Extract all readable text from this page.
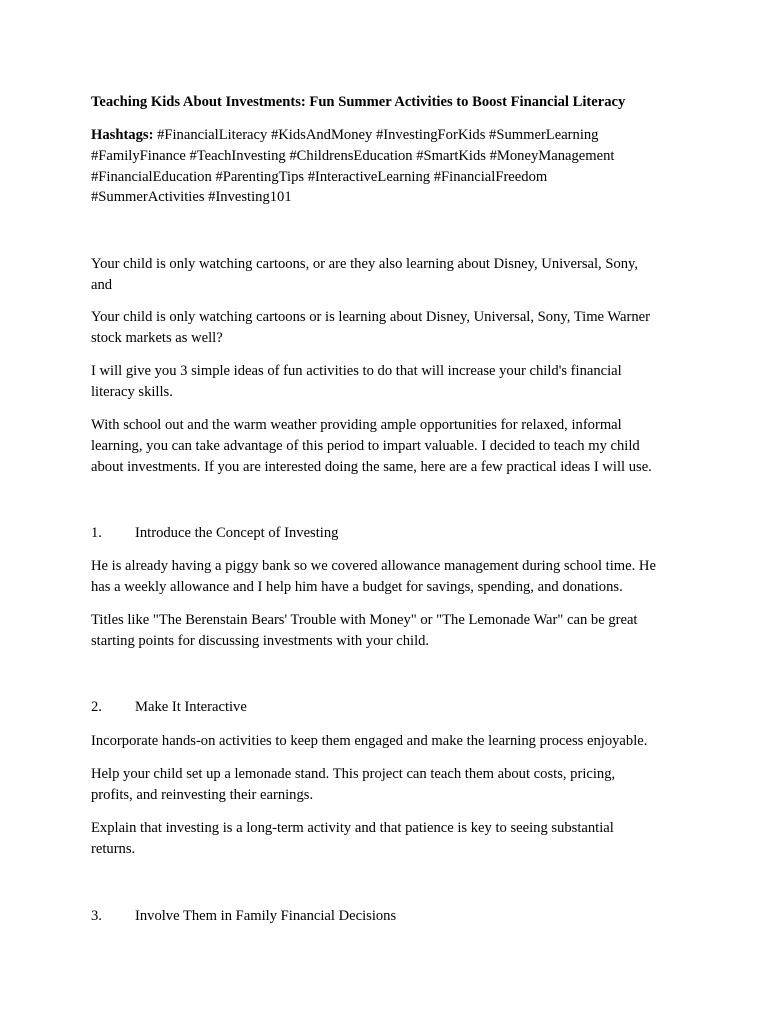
Teaching Kids About Investments: Fun Summer Activities to Boost Financial Literacy

Hashtags: #FinancialLiteracy #KidsAndMoney #InvestingForKids #SummerLearning
#FamilyFinance #TeachInvesting #ChildrensEducation #SmartKids #MoneyManagement
#FinancialEducation #ParentingTips #InteractiveLearning #FinancialFreedom
#SummerActivities #Investing101

Your child is only watching cartoons, or are they also learning about Disney, Universal, Sony,
and

Your child is only watching cartoons or is learning about Disney, Universal, Sony, Time Warner
stock markets as well?

I will give you 3 simple ideas of fun activities to do that will increase your child's financial
literacy skills.

With school out and the warm weather providing ample opportunities for relaxed, informal
learning, you can take advantage of this period to impart valuable. I decided to teach my child
about investments. If you are interested doing the same, here are a few practical ideas I will use.

1. Introduce the Concept of Investing

He is already having a piggy bank so we covered allowance management during school time. He
has a weekly allowance and I help him have a budget for savings, spending, and donations.

Titles like "The Berenstain Bears' Trouble with Money" or "The Lemonade War" can be great
starting points for discussing investments with your child.

2. Make It Interactive

Incorporate hands-on activities to keep them engaged and make the learning process enjoyable.

Help your child set up a lemonade stand. This project can teach them about costs, pricing,
profits, and reinvesting their earnings.

Explain that investing is a long-term activity and that patience is key to seeing substantial
returns.

3. Involve Them in Family Financial Decisions
